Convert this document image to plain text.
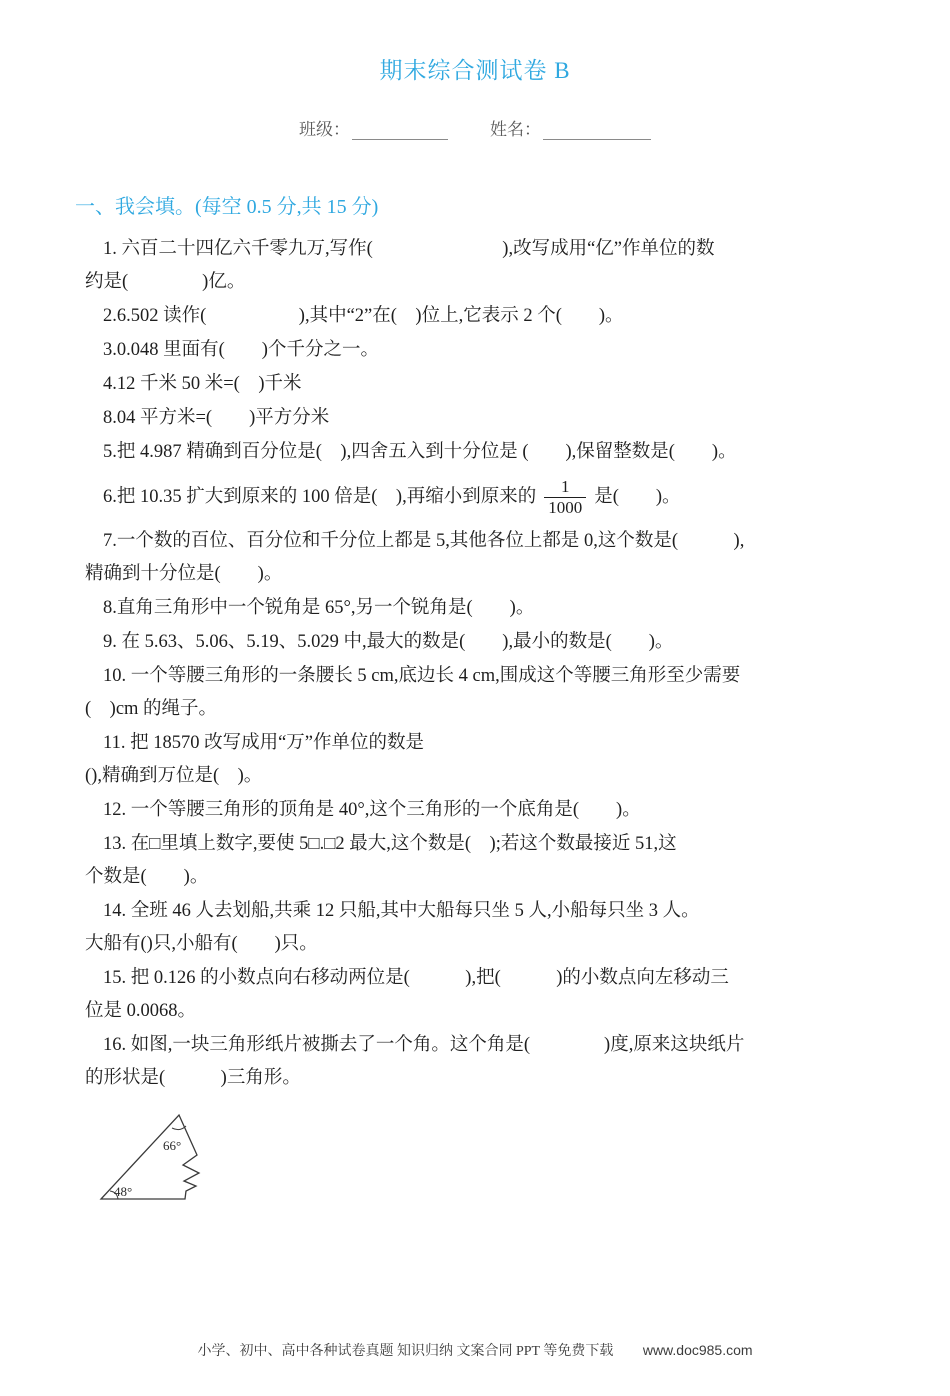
期末综合测试卷 B
班级：	姓名：
一、我会填。(每空 0.5 分,共 15 分)
1. 六百二十四亿六千零九万,写作(　　　　　　　),改写成用“亿”作单位的数
约是(　　　　)亿。
2.6.502 读作(　　　　　),其中“2”在(　)位上,它表示 2 个(　　)。
3.0.048 里面有(　　)个千分之一。
4.12 千米 50 米=(　)千米
8.04 平方米=(　　)平方分米
5.把 4.987 精确到百分位是(　),四舍五入到十分位是 (　　),保留整数是(　　)。
6.把 10.35 扩大到原来的 100 倍是(　),再缩小到原来的 $\frac{1}{1000}$ 是(　　)。
7.一个数的百位、百分位和千分位上都是 5,其他各位上都是 0,这个数是(　　　),
精确到十分位是(　　)。
8.直角三角形中一个锐角是 65°,另一个锐角是(　　)。
9. 在 5.63、5.06、5.19、5.029 中,最大的数是(　　),最小的数是(　　)。
10. 一个等腰三角形的一条腰长 5 cm,底边长 4 cm,围成这个等腰三角形至少需要
(　)cm 的绳子。
11. 把 18570 改写成用“万”作单位的数是
(),精确到万位是(　)。
12. 一个等腰三角形的顶角是 40°,这个三角形的一个底角是(　　)。
13. 在□里填上数字,要使 5□.□2 最大,这个数是(　);若这个数最接近 51,这
个数是(　　)。
14. 全班 46 人去划船,共乘 12 只船,其中大船每只坐 5 人,小船每只坐 3 人。
大船有()只,小船有(　　)只。
15. 把 0.126 的小数点向右移动两位是(　　　),把(　　　)的小数点向左移动三
位是 0.0068。
16. 如图,一块三角形纸片被撕去了一个角。这个角是(　　　　)度,原来这块纸片
的形状是(　　　)三角形。
66°
48°
小学、初中、高中各种试卷真题 知识归纳 文案合同 PPT 等免费下载 www.doc985.com
